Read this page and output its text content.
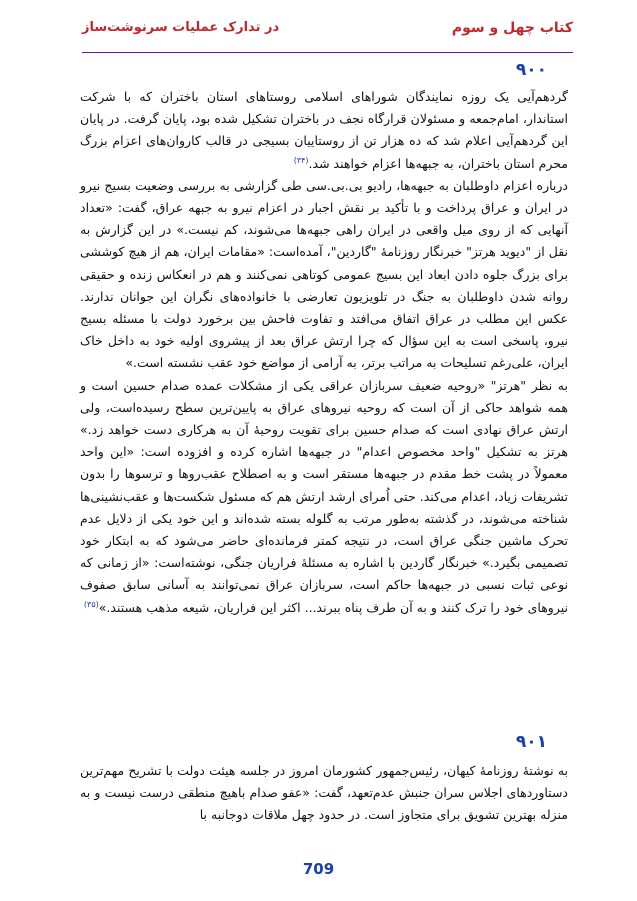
کتاب چهل و سوم
در تدارک عملیات سرنوشت‌ساز
۹۰۰

گردهم‌آیی یک روزه نمایندگان شوراهای اسلامی روستاهای استان باختران که با شرکت استاندار، امام‌جمعه و مسئولان قرارگاه نجف در باختران تشکیل شده بود، پایان گرفت. در پایان این گردهم‌آیی اعلام شد که ده هزار تن از روستاییان بسیجی در قالب کاروان‌های اعزام بزرگ محرم استان باختران، به جبهه‌ها اعزام خواهند شد.$^{(۳۴)}$

درباره اعزام داوطلبان به جبهه‌ها، رادیو بی.بی.سی طی گزارشی به بررسی وضعیت بسیج نیرو در ایران و عراق پرداخت و با تأکید بر نقش اجبار در اعزام نیرو به جبهه عراق، گفت: «تعداد آنهایی که از روی میل واقعی در ایران راهی جبهه‌ها می‌شوند، کم نیست.» در این گزارش به نقل از "دیوید هرتز" خبرنگار روزنامهٔ "گاردین"، آمده‌است: «مقامات ایران، هم از هیچ کوششی برای بزرگ جلوه دادن ابعاد این بسیج عمومی کوتاهی نمی‌کنند و هم در انعکاس زنده و حقیقی روانه شدن داوطلبان به جنگ در تلویزیون تعارضی با خانواده‌های نگران این جوانان ندارند. عکس این مطلب در عراق اتفاق می‌افتد و تفاوت فاحش بین برخورد دولت با مسئله بسیج نیرو، پاسخی است به این سؤال که چرا ارتش عراق بعد از پیشروی اولیه خود به داخل خاک ایران، علی‌رغم تسلیحات به مراتب برتر، به آرامی از مواضع خود عقب نشسته است.»

به نظر "هرتز" «روحیه ضعیف سربازان عراقی یکی از مشکلات عمده صدام حسین است و همه شواهد حاکی از آن است که روحیه نیروهای عراق به پایین‌ترین سطح رسیده‌است، ولی ارتش عراق نهادی است که صدام حسین برای تقویت روحیهٔ آن به هرکاری دست خواهد زد.» هرتز به تشکیل "واحد مخصوص اعدام" در جبهه‌ها اشاره کرده و افزوده است: «این واحد معمولاً در پشت خط مقدم در جبهه‌ها مستقر است و به اصطلاح عقب‌روها و ترسوها را بدون تشریفات زیاد، اعدام می‌کند. حتی اُمرای ارشد ارتش هم که مسئول شکست‌ها و عقب‌نشینی‌ها شناخته می‌شوند، در گذشته به‌طور مرتب به گلوله بسته شده‌اند و این خود یکی از دلایل عدم تحرک ماشین جنگی عراق است، در نتیجه کمتر فرمانده‌ای حاضر می‌شود که به ابتکار خود تصمیمی بگیرد.» خبرنگار گاردین با اشاره به مسئلهٔ فراریان جنگی، نوشته‌است: «از زمانی که نوعی ثبات نسبی در جبهه‌ها حاکم است، سربازان عراق نمی‌توانند به آسانی سابق صفوف نیروهای خود را ترک کنند و به آن طرف پناه ببرند... اکثر این فراریان، شیعه مذهب هستند.»$^{(۳۵)}$

۹۰۱

به نوشتهٔ روزنامهٔ کیهان، رئیس‌جمهور کشورمان امروز در جلسه هیئت دولت با تشریح مهم‌ترین دستاوردهای اجلاس سران جنبش عدم‌تعهد، گفت: «عفو صدام باهیچ منطقی درست نیست و به منزله بهترین تشویق برای متجاوز است. در حدود چهل ملاقات دوجانبه با

709
